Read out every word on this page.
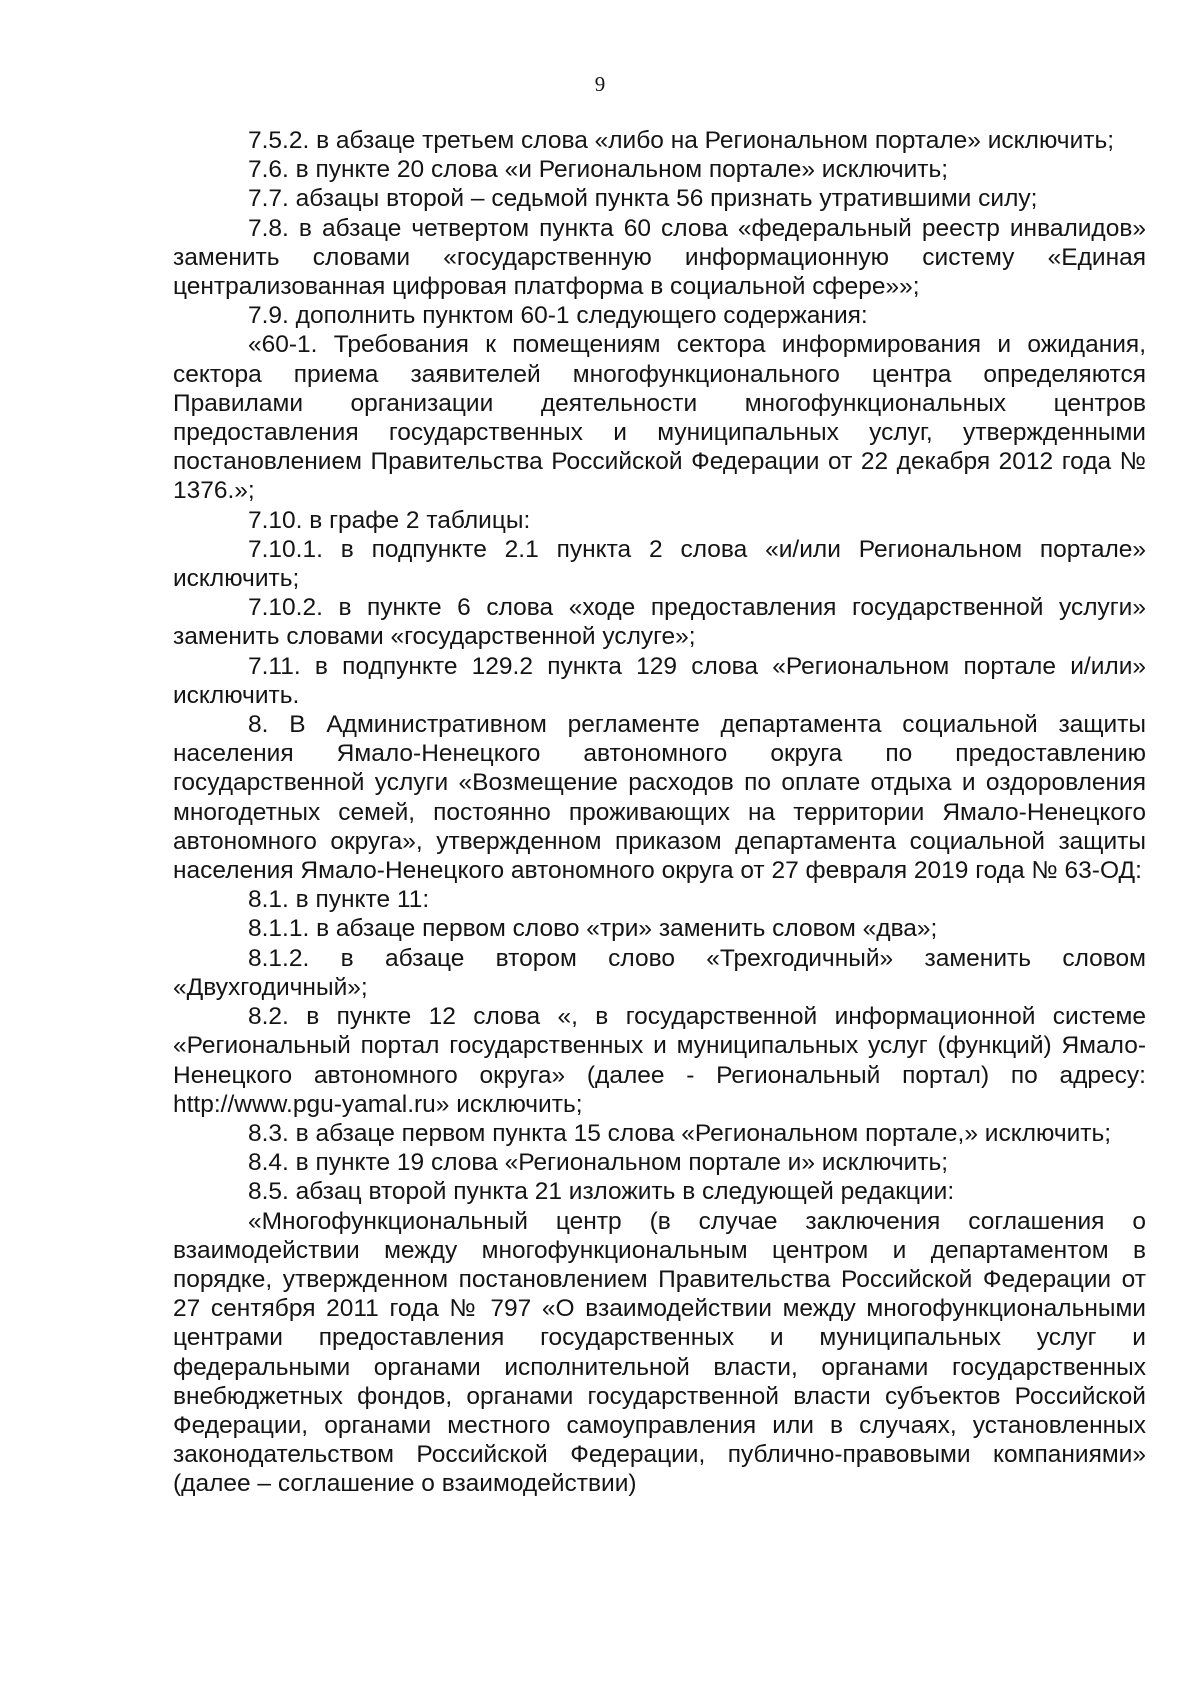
9

7.5.2. в абзаце третьем слова «либо на Региональном портале» исключить;

7.6. в пункте 20 слова «и Региональном портале» исключить;

7.7. абзацы второй – седьмой пункта 56 признать утратившими силу;

7.8. в абзаце четвертом пункта 60 слова «федеральный реестр инвалидов» заменить словами «государственную информационную систему «Единая централизованная цифровая платформа в социальной сфере»»;

7.9. дополнить пунктом 60-1 следующего содержания:

«60-1. Требования к помещениям сектора информирования и ожидания, сектора приема заявителей многофункционального центра определяются Правилами организации деятельности многофункциональных центров предоставления государственных и муниципальных услуг, утвержденными постановлением Правительства Российской Федерации от 22 декабря 2012 года № 1376.»;

7.10. в графе 2 таблицы:

7.10.1. в подпункте 2.1 пункта 2 слова «и/или Региональном портале» исключить;

7.10.2. в пункте 6 слова «ходе предоставления государственной услуги» заменить словами «государственной услуге»;

7.11. в подпункте 129.2 пункта 129 слова «Региональном портале и/или» исключить.

8. В Административном регламенте департамента социальной защиты населения Ямало-Ненецкого автономного округа по предоставлению государственной услуги «Возмещение расходов по оплате отдыха и оздоровления многодетных семей, постоянно проживающих на территории Ямало-Ненецкого автономного округа», утвержденном приказом департамента социальной защиты населения Ямало-Ненецкого автономного округа от 27 февраля 2019 года № 63-ОД:

8.1. в пункте 11:

8.1.1. в абзаце первом слово «три» заменить словом «два»;

8.1.2. в абзаце втором слово «Трехгодичный» заменить словом «Двухгодичный»;

8.2. в пункте 12 слова «, в государственной информационной системе «Региональный портал государственных и муниципальных услуг (функций) Ямало-Ненецкого автономного округа» (далее - Региональный портал) по адресу: http://www.pgu-yamal.ru» исключить;

8.3. в абзаце первом пункта 15 слова «Региональном портале,» исключить;

8.4. в пункте 19 слова «Региональном портале и» исключить;

8.5. абзац второй пункта 21 изложить в следующей редакции:

«Многофункциональный центр (в случае заключения соглашения о взаимодействии между многофункциональным центром и департаментом в порядке, утвержденном постановлением Правительства Российской Федерации от 27 сентября 2011 года № 797 «О взаимодействии между многофункциональными центрами предоставления государственных и муниципальных услуг и федеральными органами исполнительной власти, органами государственных внебюджетных фондов, органами государственной власти субъектов Российской Федерации, органами местного самоуправления или в случаях, установленных законодательством Российской Федерации, публично-правовыми компаниями» (далее – соглашение о взаимодействии)
